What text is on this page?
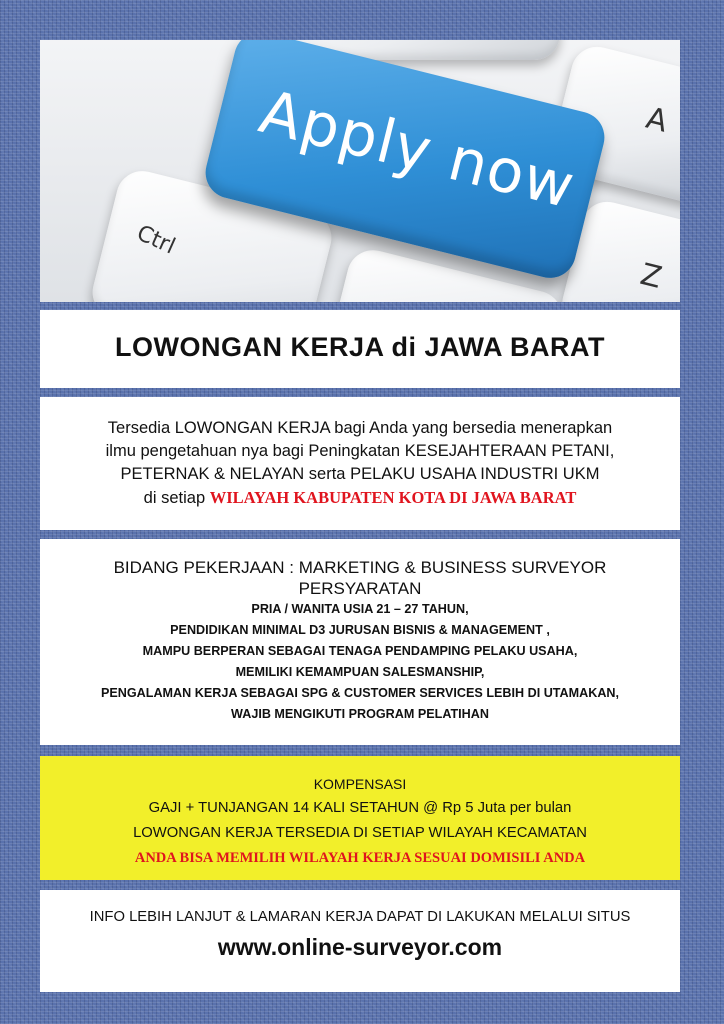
A
Ctrl
Z
Apply now
LOWONGAN KERJA di JAWA BARAT

Tersedia LOWONGAN KERJA bagi Anda yang bersedia menerapkan
ilmu pengetahuan nya bagi Peningkatan KESEJAHTERAAN PETANI,
PETERNAK & NELAYAN serta PELAKU USAHA INDUSTRI UKM
di setiap WILAYAH KABUPATEN KOTA DI JAWA BARAT

BIDANG PEKERJAAN : MARKETING & BUSINESS SURVEYOR
PERSYARATAN
PRIA / WANITA USIA 21 – 27 TAHUN,
PENDIDIKAN MINIMAL D3 JURUSAN BISNIS & MANAGEMENT ,
MAMPU BERPERAN SEBAGAI TENAGA PENDAMPING PELAKU USAHA,
MEMILIKI KEMAMPUAN SALESMANSHIP,
PENGALAMAN KERJA SEBAGAI SPG & CUSTOMER SERVICES LEBIH DI UTAMAKAN,
WAJIB MENGIKUTI PROGRAM PELATIHAN
KOMPENSASI
GAJI + TUNJANGAN 14 KALI SETAHUN @ Rp 5 Juta per bulan
LOWONGAN KERJA TERSEDIA DI SETIAP WILAYAH KECAMATAN
ANDA BISA MEMILIH WILAYAH KERJA SESUAI DOMISILI ANDA
INFO LEBIH LANJUT & LAMARAN KERJA DAPAT DI LAKUKAN MELALUI SITUS
www.online-surveyor.com
